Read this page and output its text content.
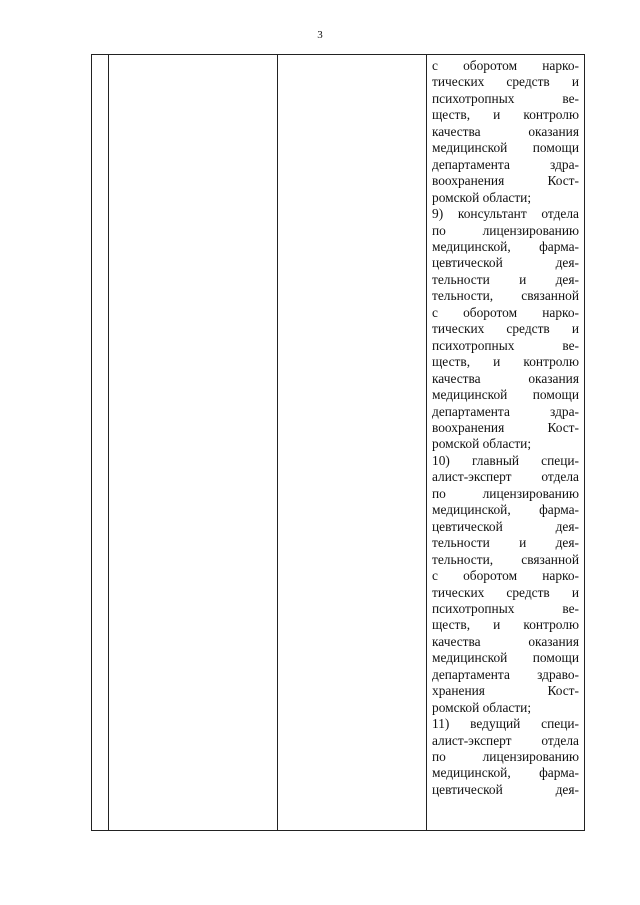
3

с оборотом нарко-
тических средств и
психотропных ве-
ществ, и контролю
качества оказания
медицинской помощи
департамента здра-
воохранения Кост-
ромской области;
9) консультант отдела
по лицензированию
медицинской, фарма-
цевтической дея-
тельности и дея-
тельности, связанной
с оборотом нарко-
тических средств и
психотропных ве-
ществ, и контролю
качества оказания
медицинской помощи
департамента здра-
воохранения Кост-
ромской области;
10) главный специ-
алист-эксперт отдела
по лицензированию
медицинской, фарма-
цевтической дея-
тельности и дея-
тельности, связанной
с оборотом нарко-
тических средств и
психотропных ве-
ществ, и контролю
качества оказания
медицинской помощи
департамента здраво-
хранения Кост-
ромской области;
11) ведущий специ-
алист-эксперт отдела
по лицензированию
медицинской, фарма-
цевтической дея-
